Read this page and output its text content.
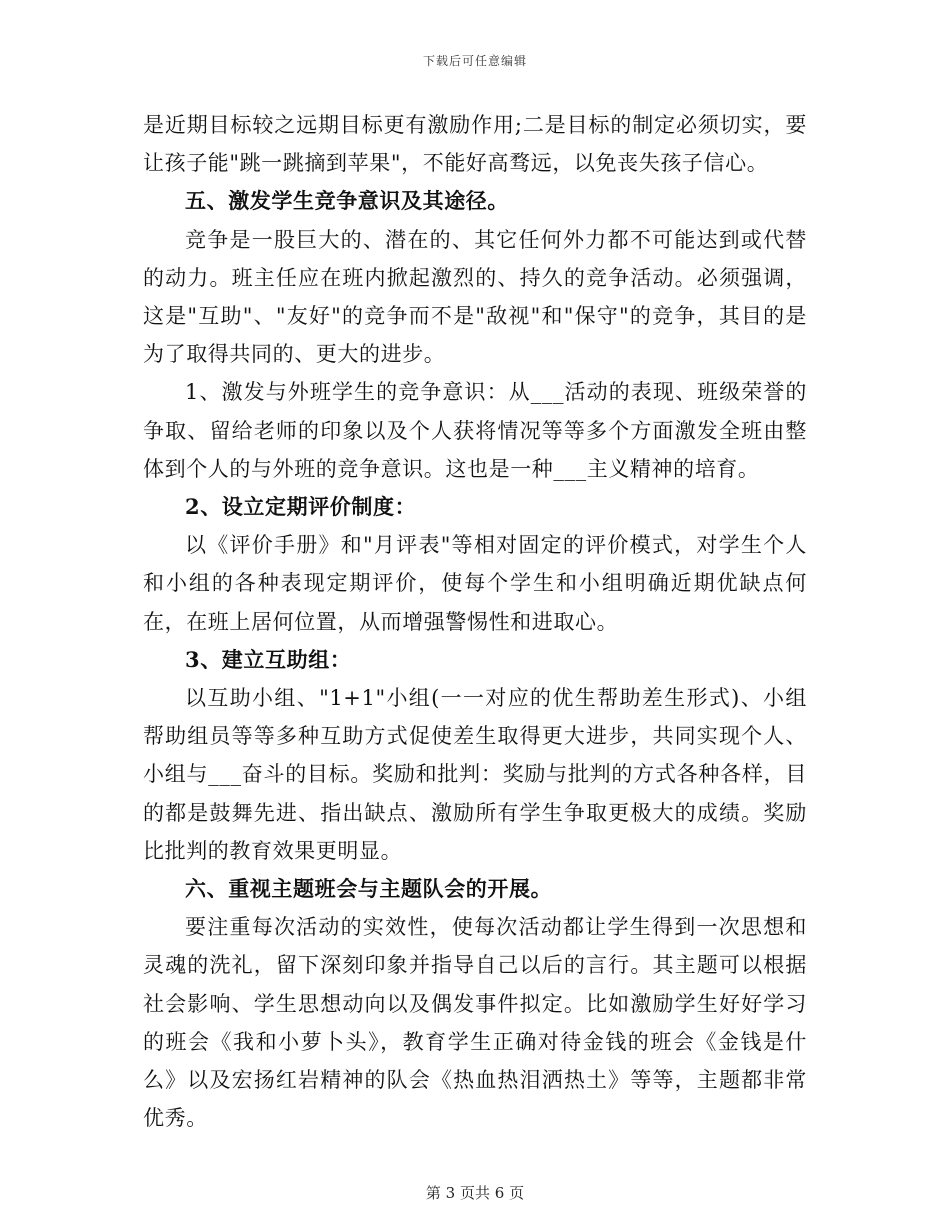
下载后可任意编辑

是近期目标较之远期目标更有激励作用;二是目标的制定必须切实，要让孩子能"跳一跳摘到苹果"，不能好高骛远，以免丧失孩子信心。

五、激发学生竞争意识及其途径。

竞争是一股巨大的、潜在的、其它任何外力都不可能达到或代替的动力。班主任应在班内掀起激烈的、持久的竞争活动。必须强调，这是"互助"、"友好"的竞争而不是"敌视"和"保守"的竞争，其目的是为了取得共同的、更大的进步。

1、激发与外班学生的竞争意识：从___活动的表现、班级荣誉的争取、留给老师的印象以及个人获将情况等等多个方面激发全班由整体到个人的与外班的竞争意识。这也是一种___主义精神的培育。

2、设立定期评价制度：

以《评价手册》和"月评表"等相对固定的评价模式，对学生个人和小组的各种表现定期评价，使每个学生和小组明确近期优缺点何在，在班上居何位置，从而增强警惕性和进取心。

3、建立互助组：

以互助小组、"1+1"小组(一一对应的优生帮助差生形式)、小组帮助组员等等多种互助方式促使差生取得更大进步，共同实现个人、小组与___奋斗的目标。奖励和批判：奖励与批判的方式各种各样，目的都是鼓舞先进、指出缺点、激励所有学生争取更极大的成绩。奖励比批判的教育效果更明显。

六、重视主题班会与主题队会的开展。

要注重每次活动的实效性，使每次活动都让学生得到一次思想和灵魂的洗礼，留下深刻印象并指导自己以后的言行。其主题可以根据社会影响、学生思想动向以及偶发事件拟定。比如激励学生好好学习的班会《我和小萝卜头》，教育学生正确对待金钱的班会《金钱是什么》以及宏扬红岩精神的队会《热血热泪洒热土》等等，主题都非常优秀。

第 3 页共 6 页
